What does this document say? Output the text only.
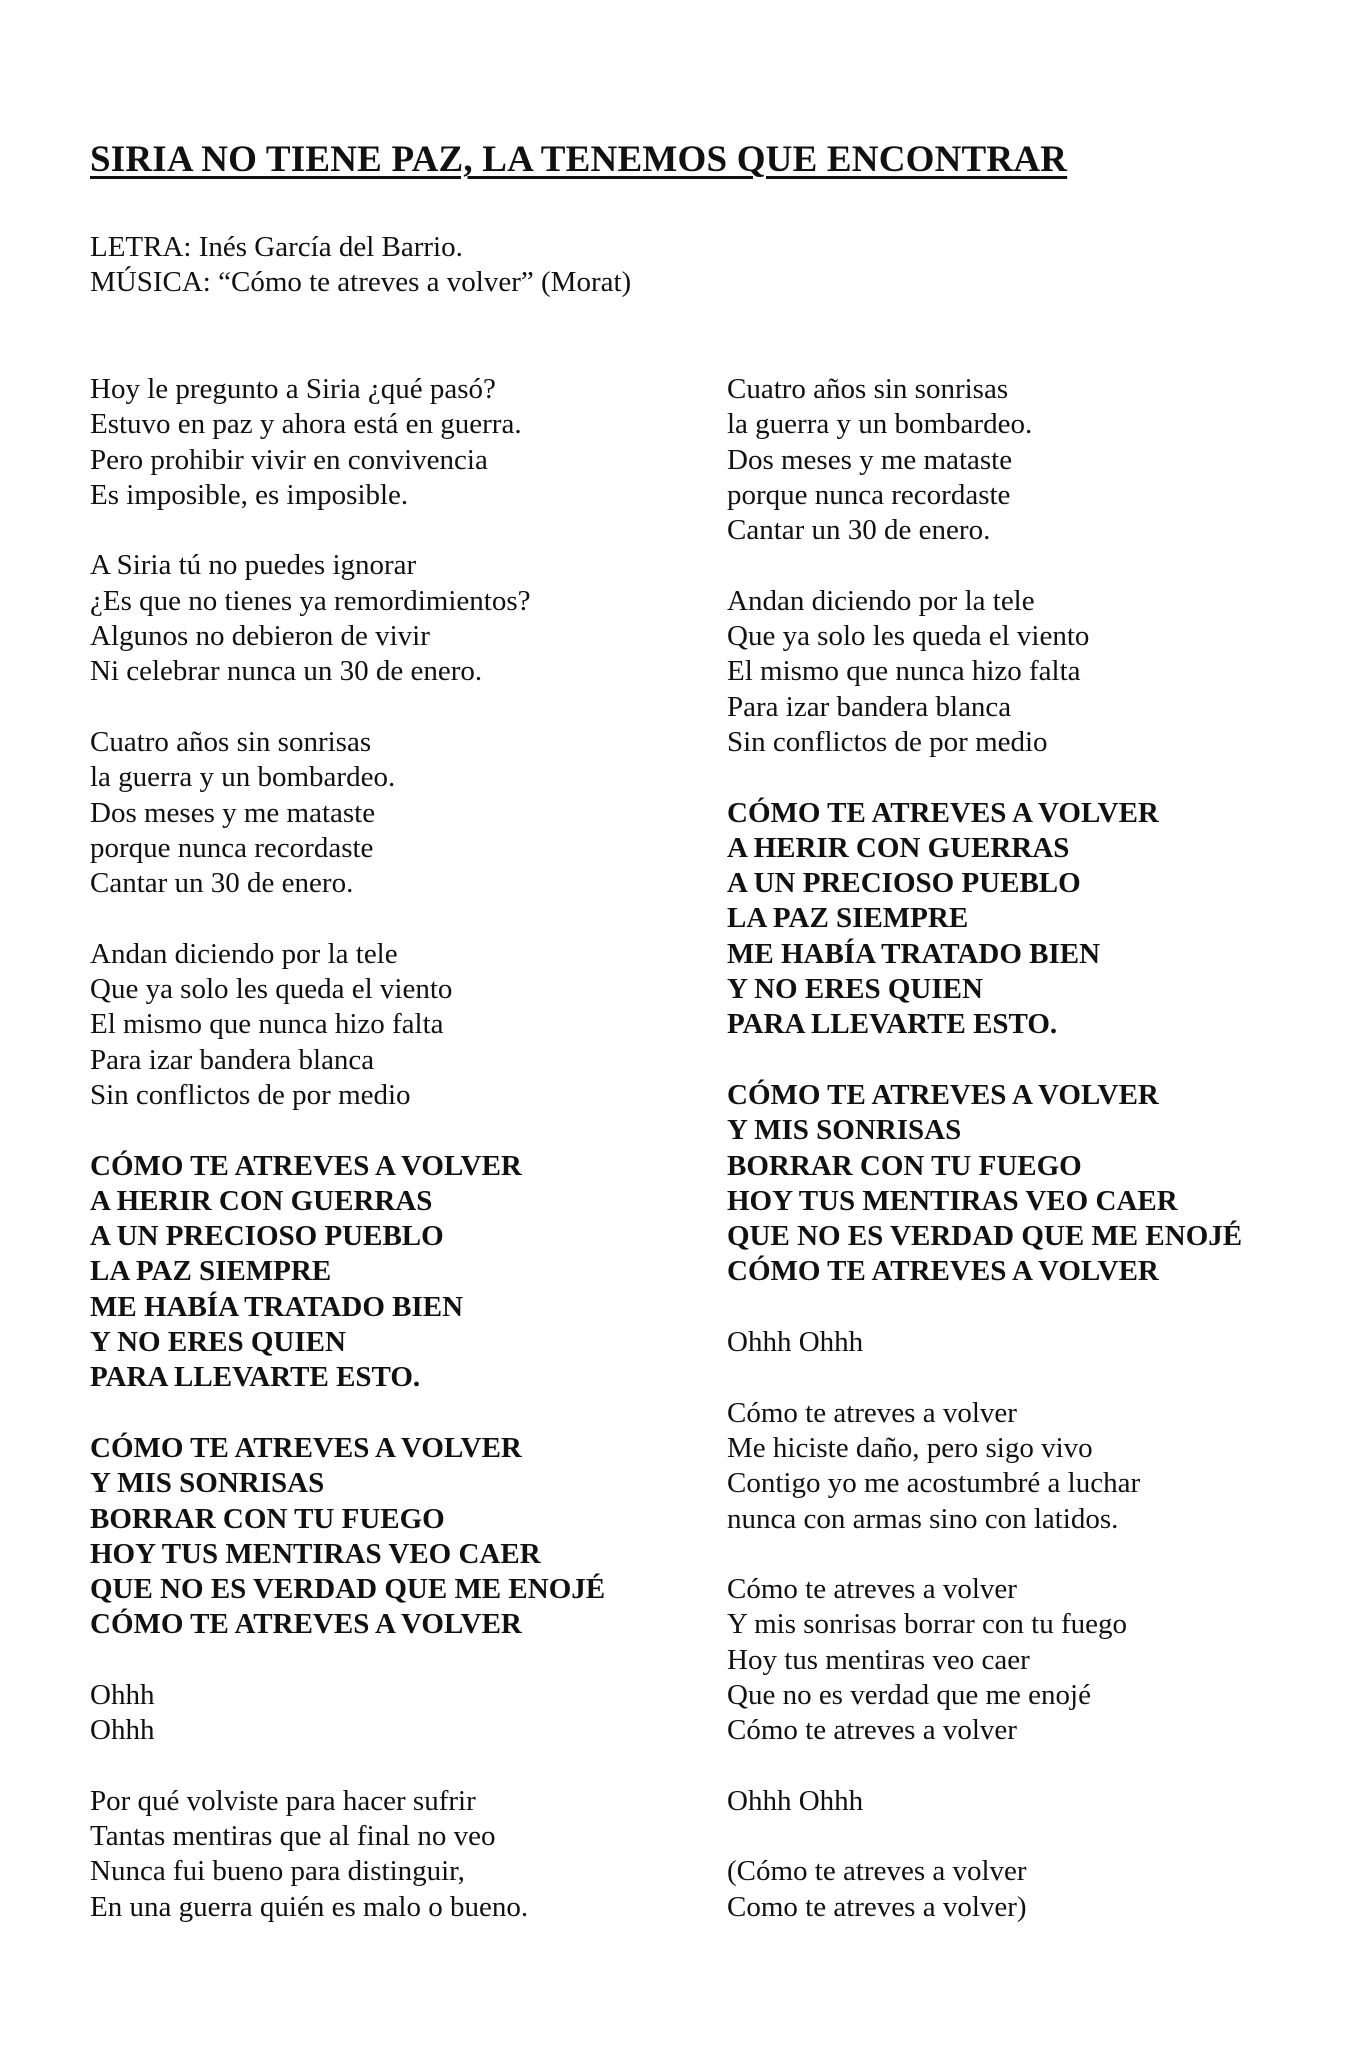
SIRIA NO TIENE PAZ, LA TENEMOS QUE ENCONTRAR
LETRA: Inés García del Barrio.
MÚSICA: “Cómo te atreves a volver” (Morat)
Hoy le pregunto a Siria ¿qué pasó?
Estuvo en paz y ahora está en guerra.
Pero prohibir vivir en convivencia
Es imposible, es imposible.
A Siria tú no puedes ignorar
¿Es que no tienes ya remordimientos?
Algunos no debieron de vivir
Ni celebrar nunca un 30 de enero.
Cuatro años sin sonrisas
la guerra y un bombardeo.
Dos meses y me mataste
porque nunca recordaste
Cantar un 30 de enero.
Andan diciendo por la tele
Que ya solo les queda el viento
El mismo que nunca hizo falta
Para izar bandera blanca
Sin conflictos de por medio
CÓMO TE ATREVES A VOLVER
A HERIR CON GUERRAS
A UN PRECIOSO PUEBLO
LA PAZ SIEMPRE
ME HABÍA TRATADO BIEN
Y NO ERES QUIEN
PARA LLEVARTE ESTO.
CÓMO TE ATREVES A VOLVER
Y MIS SONRISAS
BORRAR CON TU FUEGO
HOY TUS MENTIRAS VEO CAER
QUE NO ES VERDAD QUE ME ENOJÉ
CÓMO TE ATREVES A VOLVER
Ohhh
Ohhh
Por qué volviste para hacer sufrir
Tantas mentiras que al final no veo
Nunca fui bueno para distinguir,
En una guerra quién es malo o bueno.
Cuatro años sin sonrisas
la guerra y un bombardeo.
Dos meses y me mataste
porque nunca recordaste
Cantar un 30 de enero.
Andan diciendo por la tele
Que ya solo les queda el viento
El mismo que nunca hizo falta
Para izar bandera blanca
Sin conflictos de por medio
CÓMO TE ATREVES A VOLVER
A HERIR CON GUERRAS
A UN PRECIOSO PUEBLO
LA PAZ SIEMPRE
ME HABÍA TRATADO BIEN
Y NO ERES QUIEN
PARA LLEVARTE ESTO.
CÓMO TE ATREVES A VOLVER
Y MIS SONRISAS
BORRAR CON TU FUEGO
HOY TUS MENTIRAS VEO CAER
QUE NO ES VERDAD QUE ME ENOJÉ
CÓMO TE ATREVES A VOLVER
Ohhh Ohhh
Cómo te atreves a volver
Me hiciste daño, pero sigo vivo
Contigo yo me acostumbré a luchar
nunca con armas sino con latidos.
Cómo te atreves a volver
Y mis sonrisas borrar con tu fuego
Hoy tus mentiras veo caer
Que no es verdad que me enojé
Cómo te atreves a volver
Ohhh Ohhh
(Cómo te atreves a volver
Como te atreves a volver)
